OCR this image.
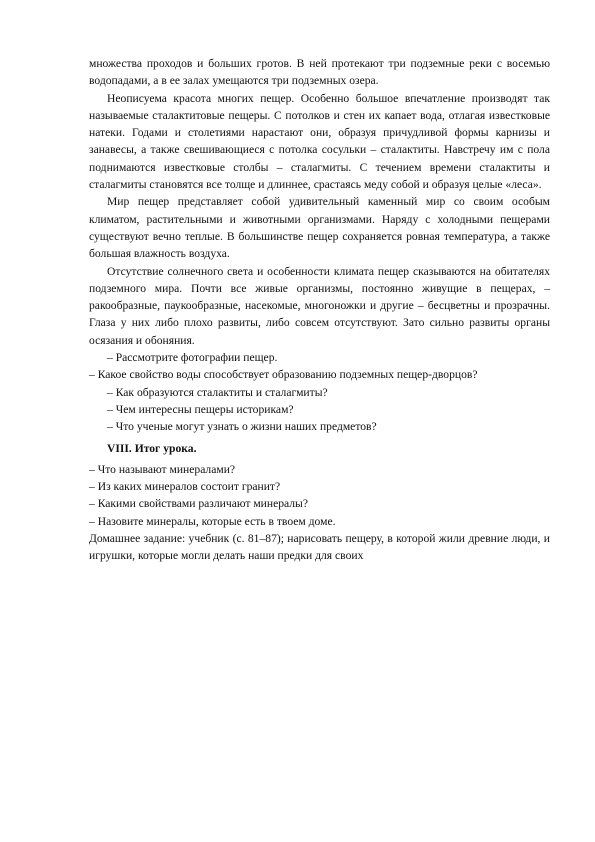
множества проходов и больших гротов. В ней протекают три подземные реки с восемью водопадами, а в ее залах умещаются три подземных озера.

Неописуема красота многих пещер. Особенно большое впечатление производят так называемые сталактитовые пещеры. С потолков и стен их капает вода, отлагая известковые натеки. Годами и столетиями нарастают они, образуя причудливой формы карнизы и занавесы, а также свешивающиеся с потолка сосульки – сталактиты. Навстречу им с пола поднимаются известковые столбы – сталагмиты. С течением времени сталактиты и сталагмиты становятся все толще и длиннее, срастаясь меду собой и образуя целые «леса».

Мир пещер представляет собой удивительный каменный мир со своим особым климатом, растительными и животными организмами. Наряду с холодными пещерами существуют вечно теплые. В большинстве пещер сохраняется ровная температура, а также большая влажность воздуха.

Отсутствие солнечного света и особенности климата пещер сказываются на обитателях подземного мира. Почти все живые организмы, постоянно живущие в пещерах, – ракообразные, паукообразные, насекомые, многоножки и другие – бесцветны и прозрачны. Глаза у них либо плохо развиты, либо совсем отсутствуют. Зато сильно развиты органы осязания и обоняния.

– Рассмотрите фотографии пещер.

– Какое свойство воды способствует образованию подземных пещер-дворцов?

– Как образуются сталактиты и сталагмиты?

– Чем интересны пещеры историкам?

– Что ученые могут узнать о жизни наших предметов?

VIII. Итог урока.

– Что называют минералами?

– Из каких минералов состоит гранит?

– Какими свойствами различают минералы?

– Назовите минералы, которые есть в твоем доме.

Домашнее задание: учебник (с. 81–87); нарисовать пещеру, в которой жили древние люди, и игрушки, которые могли делать наши предки для своих
